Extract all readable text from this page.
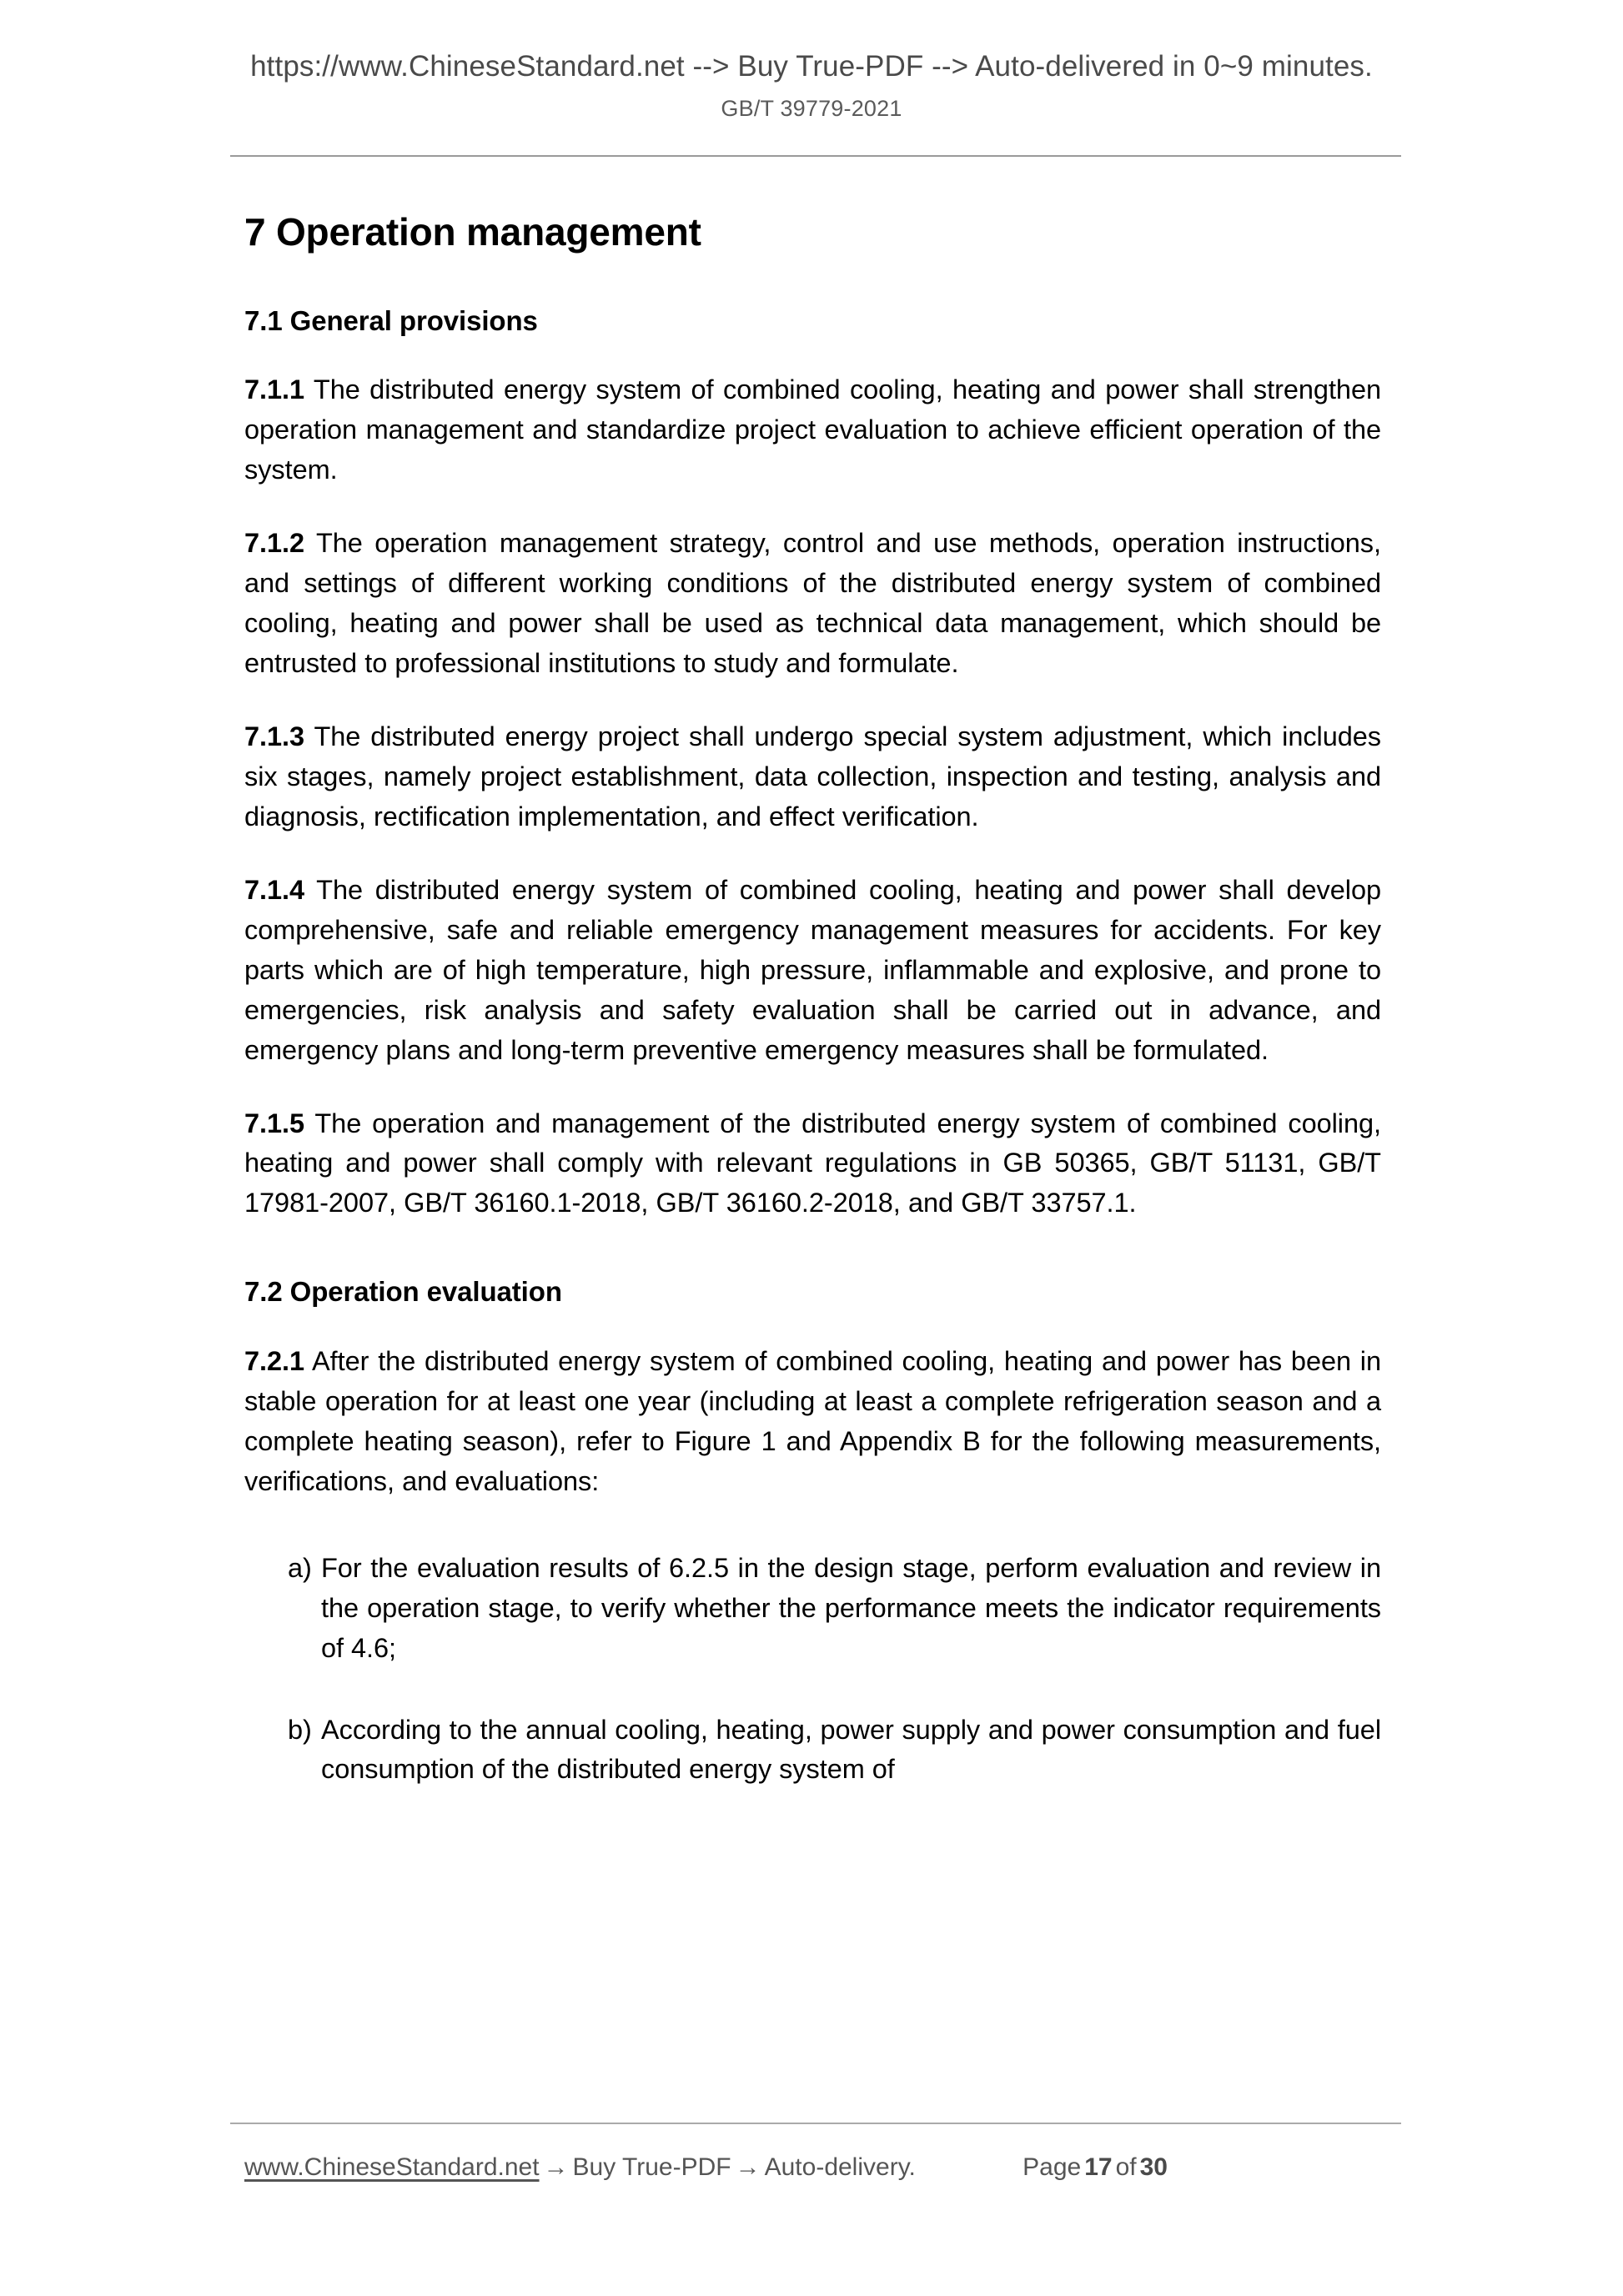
https://www.ChineseStandard.net --> Buy True-PDF --> Auto-delivered in 0~9 minutes.
GB/T 39779-2021
7 Operation management
7.1 General provisions

7.1.1 The distributed energy system of combined cooling, heating and power shall strengthen operation management and standardize project evaluation to achieve efficient operation of the system.

7.1.2 The operation management strategy, control and use methods, operation instructions, and settings of different working conditions of the distributed energy system of combined cooling, heating and power shall be used as technical data management, which should be entrusted to professional institutions to study and formulate.

7.1.3 The distributed energy project shall undergo special system adjustment, which includes six stages, namely project establishment, data collection, inspection and testing, analysis and diagnosis, rectification implementation, and effect verification.

7.1.4 The distributed energy system of combined cooling, heating and power shall develop comprehensive, safe and reliable emergency management measures for accidents. For key parts which are of high temperature, high pressure, inflammable and explosive, and prone to emergencies, risk analysis and safety evaluation shall be carried out in advance, and emergency plans and long-term preventive emergency measures shall be formulated.

7.1.5 The operation and management of the distributed energy system of combined cooling, heating and power shall comply with relevant regulations in GB 50365, GB/T 51131, GB/T 17981-2007, GB/T 36160.1-2018, GB/T 36160.2-2018, and GB/T 33757.1.

7.2 Operation evaluation

7.2.1 After the distributed energy system of combined cooling, heating and power has been in stable operation for at least one year (including at least a complete refrigeration season and a complete heating season), refer to Figure 1 and Appendix B for the following measurements, verifications, and evaluations:

a) For the evaluation results of 6.2.5 in the design stage, perform evaluation and review in the operation stage, to verify whether the performance meets the indicator requirements of 4.6;
b) According to the annual cooling, heating, power supply and power consumption and fuel consumption of the distributed energy system of
www.ChineseStandard.net → Buy True-PDF → Auto-delivery.	Page 17 of 30
